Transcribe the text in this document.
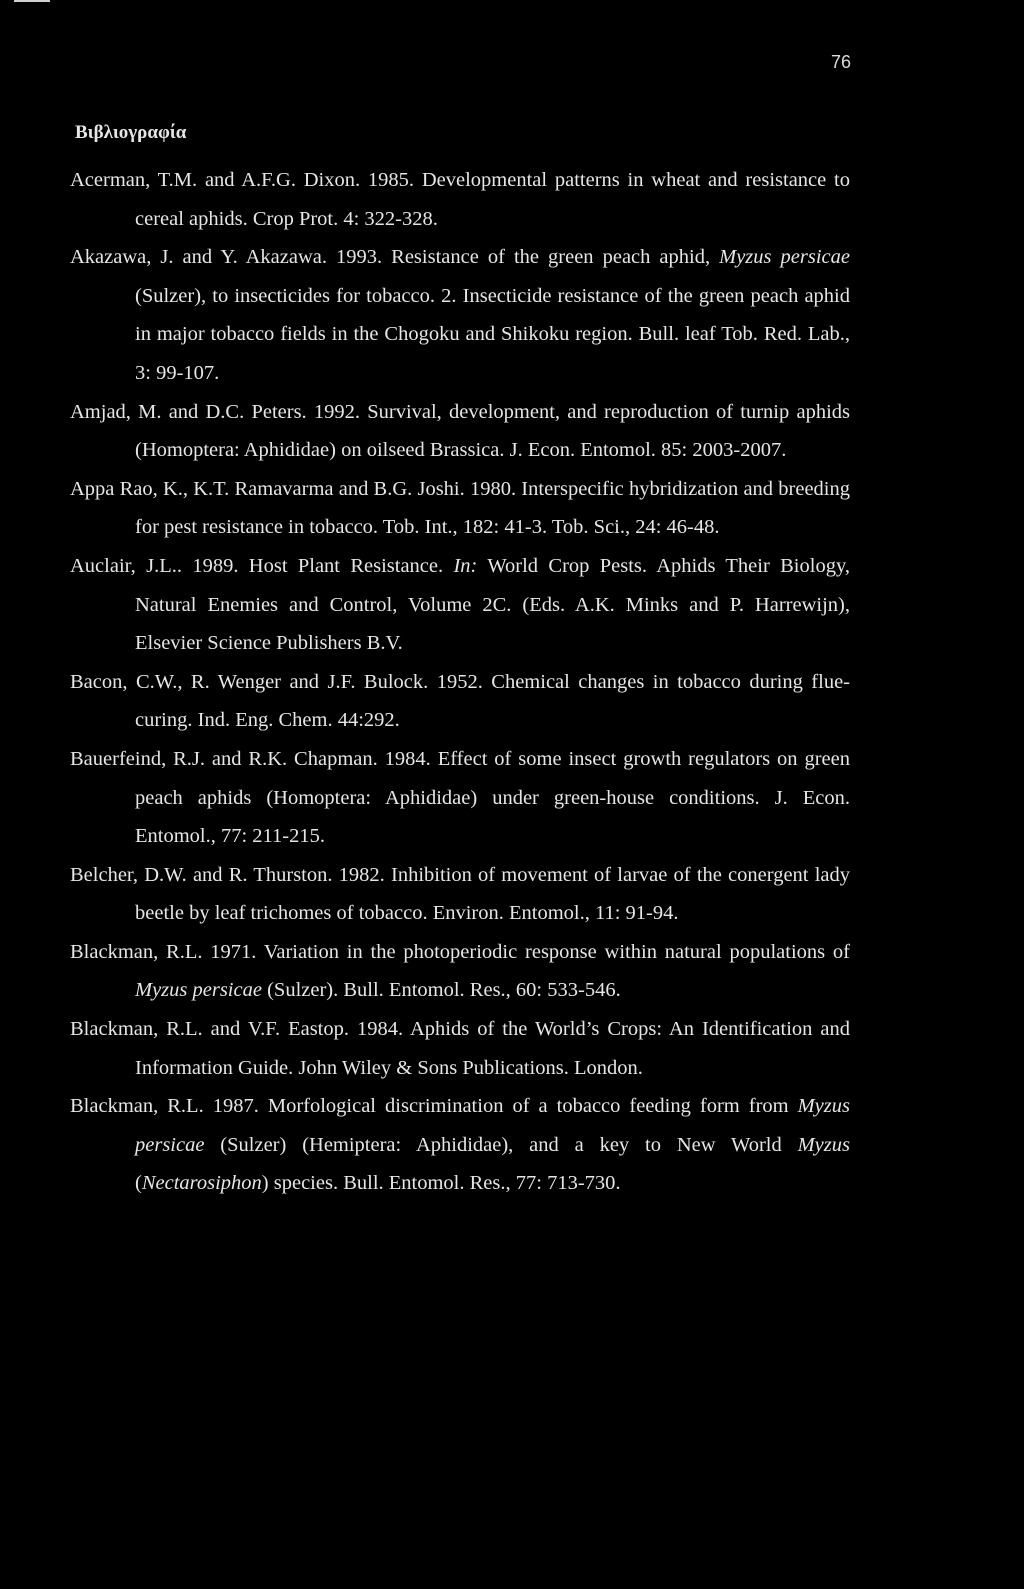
76
Βιβλιογραφία

Acerman, T.M. and A.F.G. Dixon. 1985. Developmental patterns in wheat and resistance to cereal aphids. Crop Prot. 4: 322-328.

Akazawa, J. and Y. Akazawa. 1993. Resistance of the green peach aphid, Myzus persicae (Sulzer), to insecticides for tobacco. 2. Insecticide resistance of the green peach aphid in major tobacco fields in the Chogoku and Shikoku region. Bull. leaf Tob. Red. Lab., 3: 99-107.

Amjad, M. and D.C. Peters. 1992. Survival, development, and reproduction of turnip aphids (Homoptera: Aphididae) on oilseed Brassica. J. Econ. Entomol. 85: 2003-2007.

Appa Rao, K., K.T. Ramavarma and B.G. Joshi. 1980. Interspecific hybridization and breeding for pest resistance in tobacco. Tob. Int., 182: 41-3. Tob. Sci., 24: 46-48.

Auclair, J.L.. 1989. Host Plant Resistance. In: World Crop Pests. Aphids Their Biology, Natural Enemies and Control, Volume 2C. (Eds. A.K. Minks and P. Harrewijn), Elsevier Science Publishers B.V.

Bacon, C.W., R. Wenger and J.F. Bulock. 1952. Chemical changes in tobacco during flue-curing. Ind. Eng. Chem. 44:292.

Bauerfeind, R.J. and R.K. Chapman. 1984. Effect of some insect growth regulators on green peach aphids (Homoptera: Aphididae) under green-house conditions. J. Econ. Entomol., 77: 211-215.

Belcher, D.W. and R. Thurston. 1982. Inhibition of movement of larvae of the conergent lady beetle by leaf trichomes of tobacco. Environ. Entomol., 11: 91-94.

Blackman, R.L. 1971. Variation in the photoperiodic response within natural populations of Myzus persicae (Sulzer). Bull. Entomol. Res., 60: 533-546.

Blackman, R.L. and V.F. Eastop. 1984. Aphids of the World’s Crops: An Identification and Information Guide. John Wiley & Sons Publications. London.

Blackman, R.L. 1987. Morfological discrimination of a tobacco feeding form from Myzus persicae (Sulzer) (Hemiptera: Aphididae), and a key to New World Myzus (Nectarosiphon) species. Bull. Entomol. Res., 77: 713-730.
